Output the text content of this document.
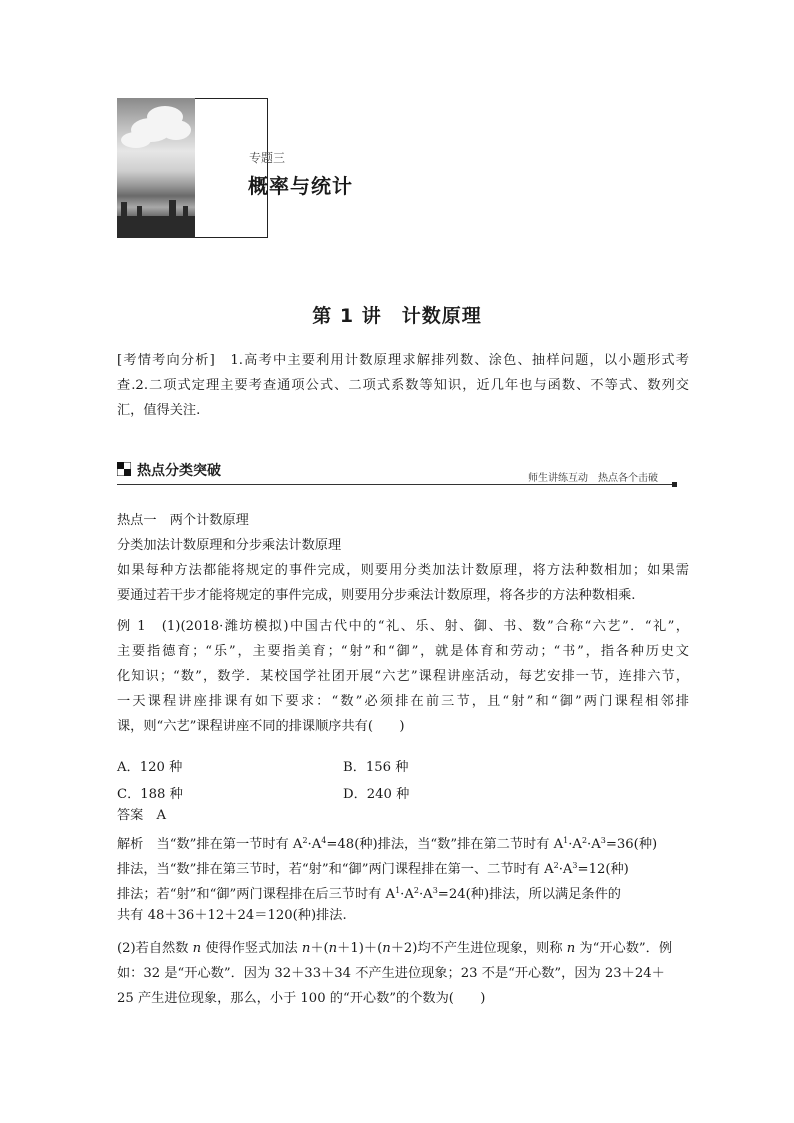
专题三
概率与统计
第 1 讲　计数原理
[考情考向分析]　1.高考中主要利用计数原理求解排列数、涂色、抽样问题，以小题形式考
查.2.二项式定理主要考查通项公式、二项式系数等知识，近几年也与函数、不等式、数列交
汇，值得关注.
热点分类突破	师生讲练互动　热点各个击破
热点一　两个计数原理
分类加法计数原理和分步乘法计数原理
如果每种方法都能将规定的事件完成，则要用分类加法计数原理，将方法种数相加；如果需
要通过若干步才能将规定的事件完成，则要用分步乘法计数原理，将各步的方法种数相乘.
例 1　(1)(2018·潍坊模拟)中国古代中的“礼、乐、射、御、书、数”合称“六艺”．“礼”，
主要指德育；“乐”，主要指美育；“射”和“御”，就是体育和劳动；“书”，指各种历史文
化知识；“数”，数学．某校国学社团开展“六艺”课程讲座活动，每艺安排一节，连排六节，
一天课程讲座排课有如下要求：“数”必须排在前三节，且“射”和“御”两门课程相邻排
课，则“六艺”课程讲座不同的排课顺序共有(　　)
A．120 种	B．156 种
C．188 种	D．240 种
答案　A
解析　当“数”排在第一节时有 $A^2\cdot A^4=48$(种)排法，当“数”排在第二节时有 $A^1\cdot A^2\cdot A^3=36$(种)
排法，当“数”排在第三节时，若“射”和“御”两门课程排在第一、二节时有 $A^2\cdot A^3=12$(种)
排法；若“射”和“御”两门课程排在后三节时有 $A^1\cdot A^2\cdot A^3=24$(种)排法，所以满足条件的
共有 48＋36＋12＋24＝120(种)排法.
(2)若自然数 n 使得作竖式加法 n＋(n＋1)＋(n＋2)均不产生进位现象，则称 n 为“开心数”．例
如：32 是“开心数”．因为 32＋33＋34 不产生进位现象；23 不是“开心数”，因为 23＋24＋
25 产生进位现象，那么，小于 100 的“开心数”的个数为(　　)
